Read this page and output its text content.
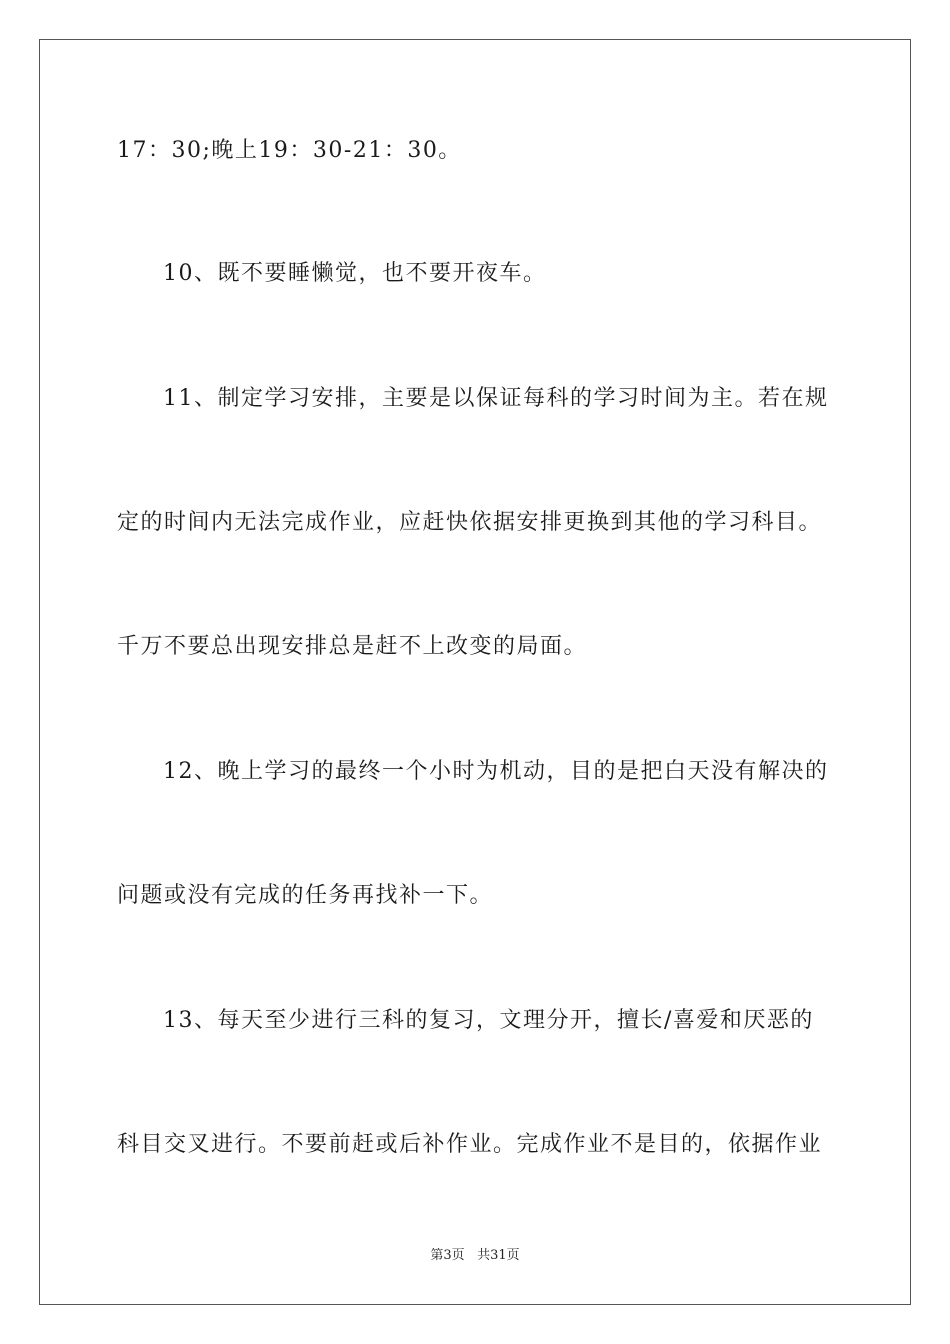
17：30;晚上19：30-21：30。
10、既不要睡懒觉，也不要开夜车。
11、制定学习安排，主要是以保证每科的学习时间为主。若在规
定的时间内无法完成作业，应赶快依据安排更换到其他的学习科目。
千万不要总出现安排总是赶不上改变的局面。
12、晚上学习的最终一个小时为机动，目的是把白天没有解决的
问题或没有完成的任务再找补一下。
13、每天至少进行三科的复习，文理分开，擅长/喜爱和厌恶的
科目交叉进行。不要前赶或后补作业。完成作业不是目的，依据作业
第3页 共31页
